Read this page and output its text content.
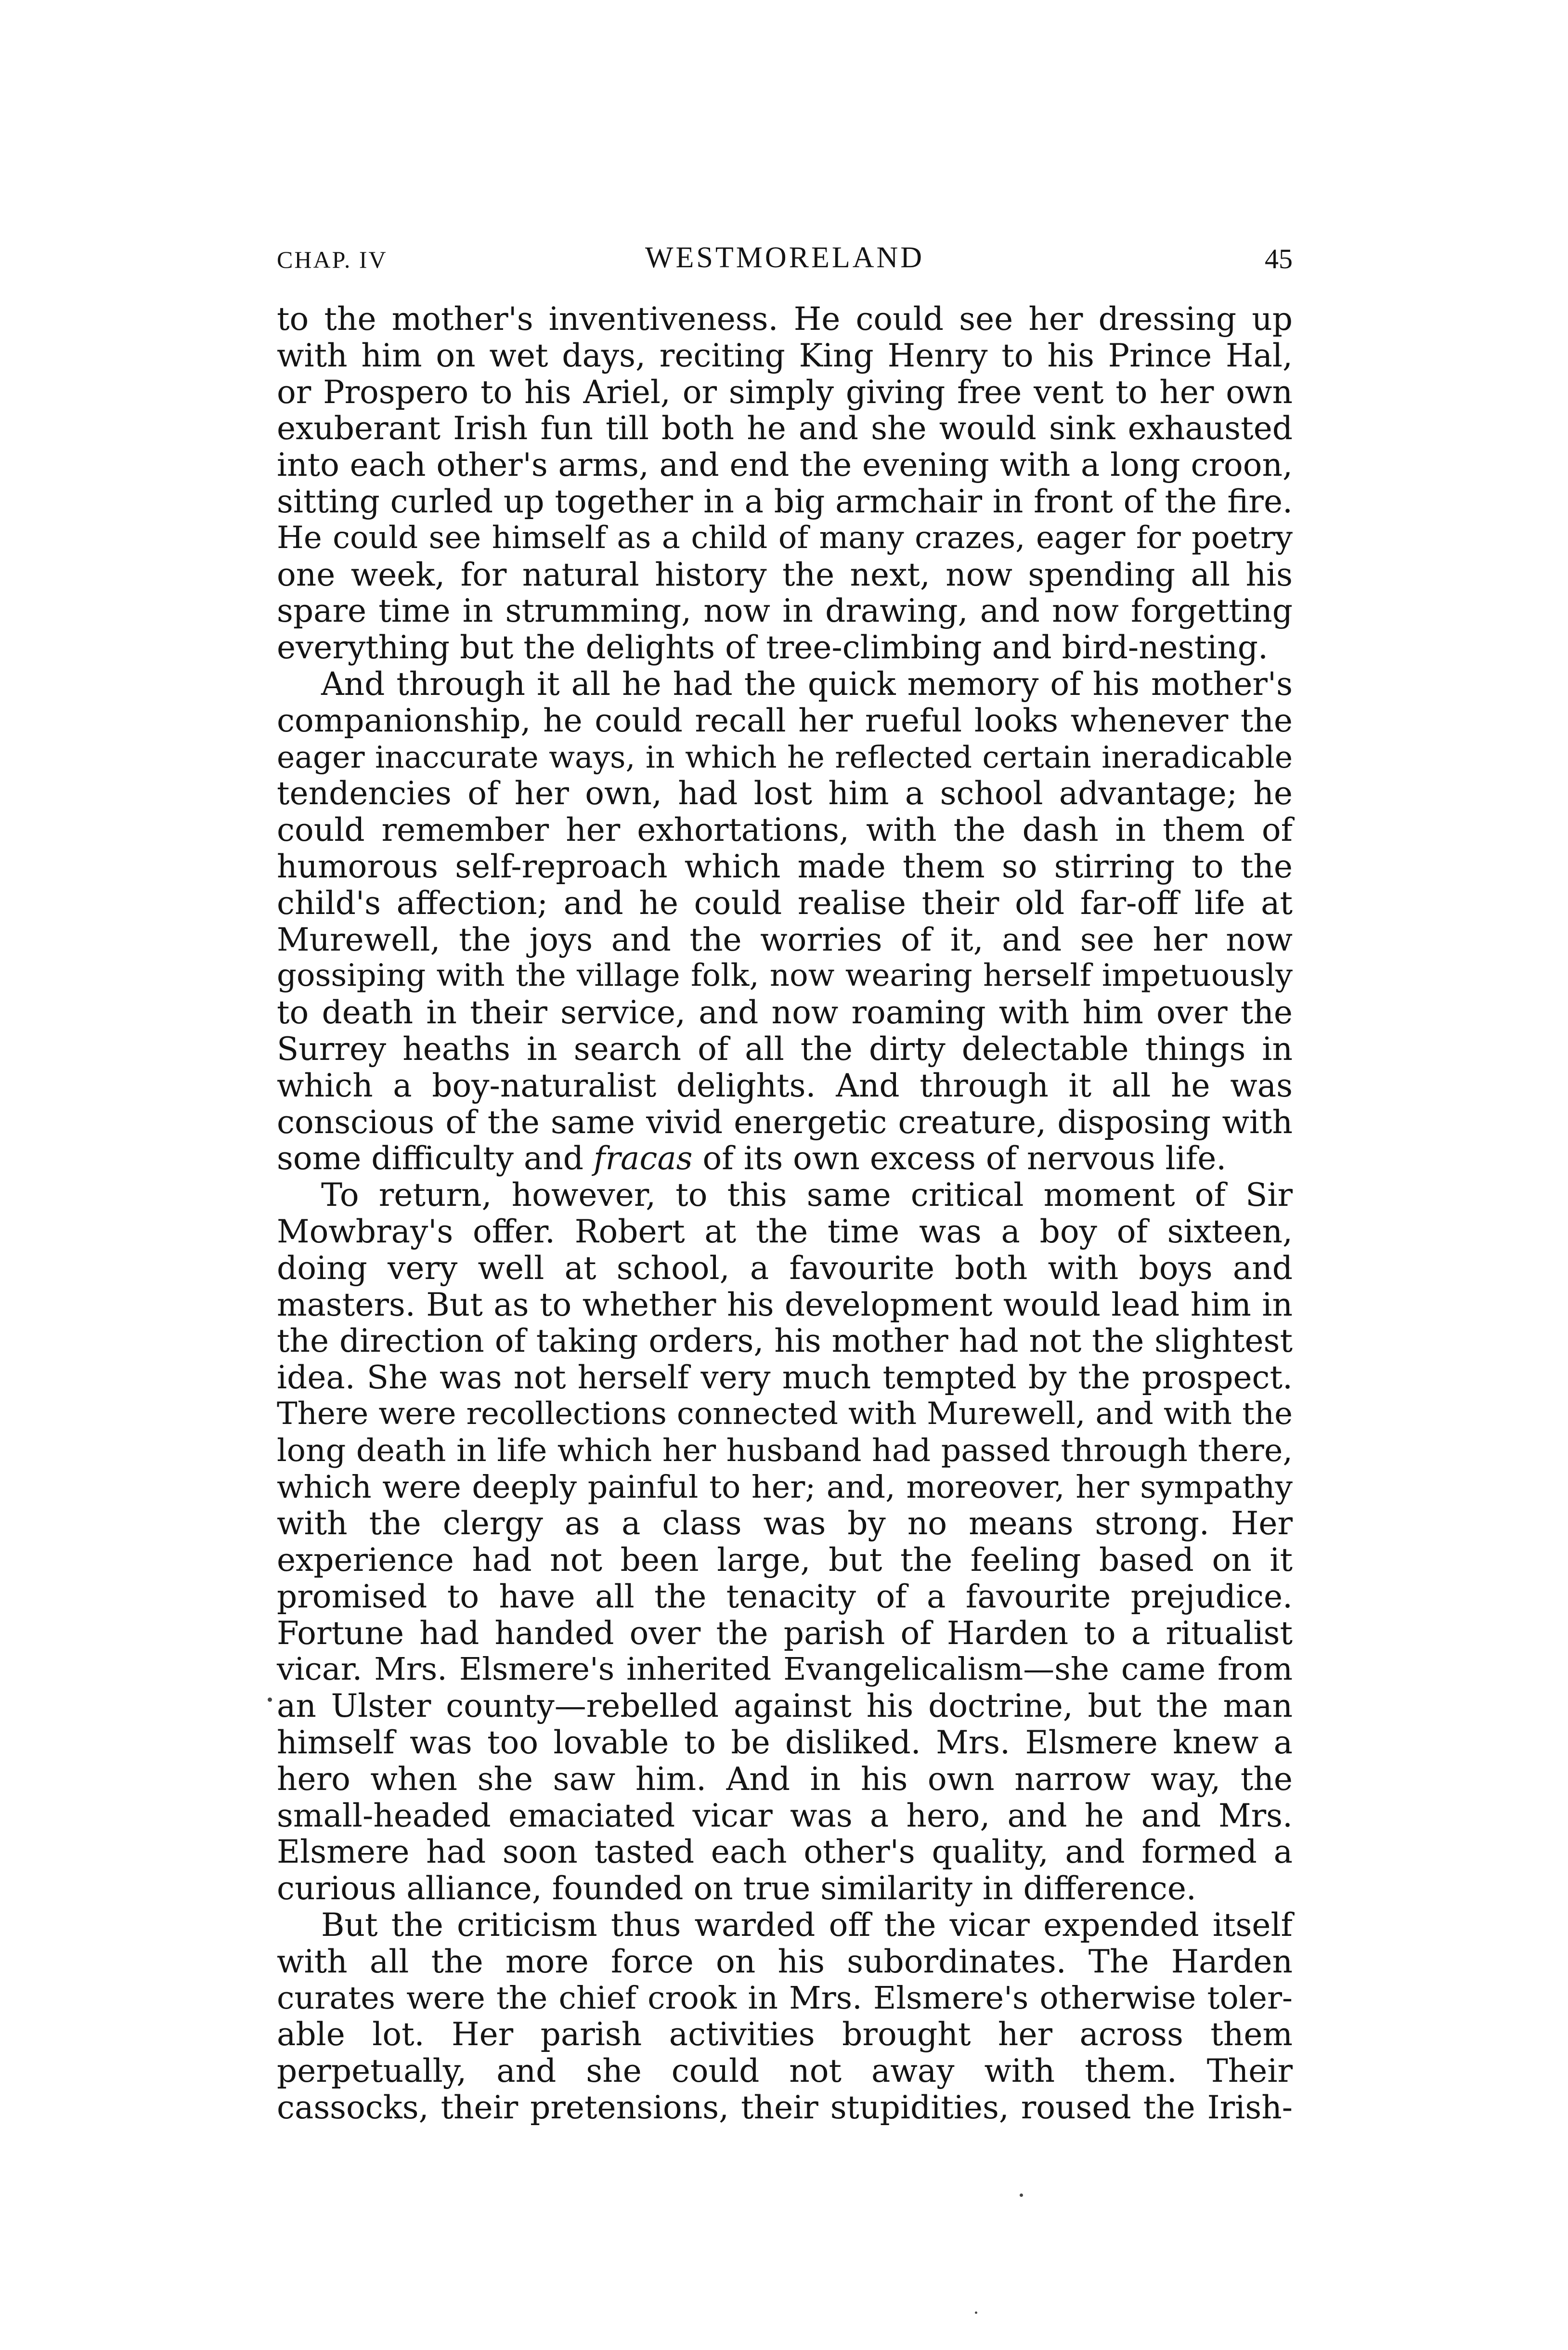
CHAP. IV	WESTMORELAND	45
to the mother's inventiveness. He could see her dressing up
with him on wet days, reciting King Henry to his Prince Hal,
or Prospero to his Ariel, or simply giving free vent to her own
exuberant Irish fun till both he and she would sink exhausted
into each other's arms, and end the evening with a long croon,
sitting curled up together in a big armchair in front of the fire.
He could see himself as a child of many crazes, eager for poetry
one week, for natural history the next, now spending all his
spare time in strumming, now in drawing, and now forgetting
everything but the delights of tree-climbing and bird-nesting.
And through it all he had the quick memory of his mother's
companionship, he could recall her rueful looks whenever the
eager inaccurate ways, in which he reflected certain ineradicable
tendencies of her own, had lost him a school advantage; he
could remember her exhortations, with the dash in them of
humorous self-reproach which made them so stirring to the
child's affection; and he could realise their old far-off life at
Murewell, the joys and the worries of it, and see her now
gossiping with the village folk, now wearing herself impetuously
to death in their service, and now roaming with him over the
Surrey heaths in search of all the dirty delectable things in
which a boy-naturalist delights. And through it all he was
conscious of the same vivid energetic creature, disposing with
some difficulty and fracas of its own excess of nervous life.
To return, however, to this same critical moment of Sir
Mowbray's offer. Robert at the time was a boy of sixteen,
doing very well at school, a favourite both with boys and
masters. But as to whether his development would lead him in
the direction of taking orders, his mother had not the slightest
idea. She was not herself very much tempted by the prospect.
There were recollections connected with Murewell, and with the
long death in life which her husband had passed through there,
which were deeply painful to her; and, moreover, her sympathy
with the clergy as a class was by no means strong. Her
experience had not been large, but the feeling based on it
promised to have all the tenacity of a favourite prejudice.
Fortune had handed over the parish of Harden to a ritualist
vicar. Mrs. Elsmere's inherited Evangelicalism—she came from
an Ulster county—rebelled against his doctrine, but the man
himself was too lovable to be disliked. Mrs. Elsmere knew a
hero when she saw him. And in his own narrow way, the
small-headed emaciated vicar was a hero, and he and Mrs.
Elsmere had soon tasted each other's quality, and formed a
curious alliance, founded on true similarity in difference.
But the criticism thus warded off the vicar expended itself
with all the more force on his subordinates. The Harden
curates were the chief crook in Mrs. Elsmere's otherwise toler-
able lot. Her parish activities brought her across them
perpetually, and she could not away with them. Their
cassocks, their pretensions, their stupidities, roused the Irish-
